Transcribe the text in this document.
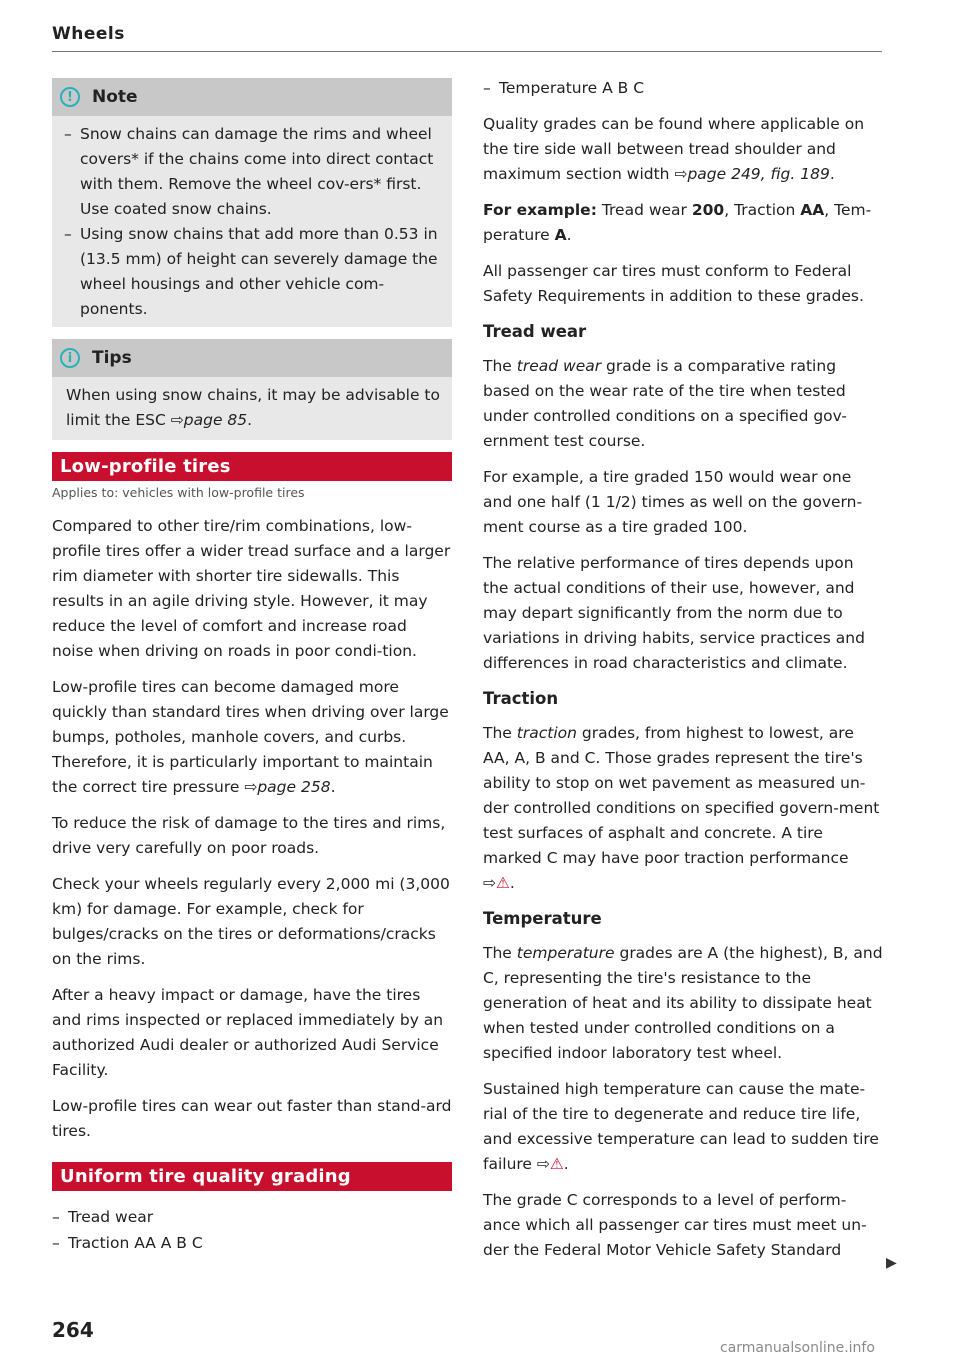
Wheels
!	Note
– Snow chains can damage the rims and wheel covers* if the chains come into direct contact with them. Remove the wheel cov-ers* first. Use coated snow chains.
– Using snow chains that add more than 0.53 in (13.5 mm) of height can severely damage the wheel housings and other vehicle com-ponents.
i	Tips

When using snow chains, it may be advisable to limit the ESC ⇨page 85.

Low-profile tires
Applies to: vehicles with low-profile tires

Compared to other tire/rim combinations, low-profile tires offer a wider tread surface and a larger rim diameter with shorter tire sidewalls. This results in an agile driving style. However, it may reduce the level of comfort and increase road noise when driving on roads in poor condi-tion.

Low-profile tires can become damaged more quickly than standard tires when driving over large bumps, potholes, manhole covers, and curbs. Therefore, it is particularly important to maintain the correct tire pressure ⇨page 258.

To reduce the risk of damage to the tires and rims, drive very carefully on poor roads.

Check your wheels regularly every 2,000 mi (3,000 km) for damage. For example, check for bulges/cracks on the tires or deformations/cracks on the rims.

After a heavy impact or damage, have the tires and rims inspected or replaced immediately by an authorized Audi dealer or authorized Audi Service Facility.

Low-profile tires can wear out faster than stand-ard tires.

Uniform tire quality grading
– Tread wear
– Traction AA A B C
– Temperature A B C

Quality grades can be found where applicable on the tire side wall between tread shoulder and maximum section width ⇨page 249, fig. 189.

For example: Tread wear 200, Traction AA, Tem-perature A.

All passenger car tires must conform to Federal Safety Requirements in addition to these grades.

Tread wear

The tread wear grade is a comparative rating based on the wear rate of the tire when tested under controlled conditions on a specified gov-ernment test course.

For example, a tire graded 150 would wear one and one half (1 1/2) times as well on the govern-ment course as a tire graded 100.

The relative performance of tires depends upon the actual conditions of their use, however, and may depart significantly from the norm due to variations in driving habits, service practices and differences in road characteristics and climate.

Traction

The traction grades, from highest to lowest, are AA, A, B and C. Those grades represent the tire's ability to stop on wet pavement as measured un-der controlled conditions on specified govern-ment test surfaces of asphalt and concrete. A tire marked C may have poor traction performance ⇨⚠.

Temperature

The temperature grades are A (the highest), B, and C, representing the tire's resistance to the generation of heat and its ability to dissipate heat when tested under controlled conditions on a specified indoor laboratory test wheel.

Sustained high temperature can cause the mate-rial of the tire to degenerate and reduce tire life, and excessive temperature can lead to sudden tire failure ⇨⚠.

The grade C corresponds to a level of perform-ance which all passenger car tires must meet un-der the Federal Motor Vehicle Safety Standard

▶
264
carmanualsonline.info
